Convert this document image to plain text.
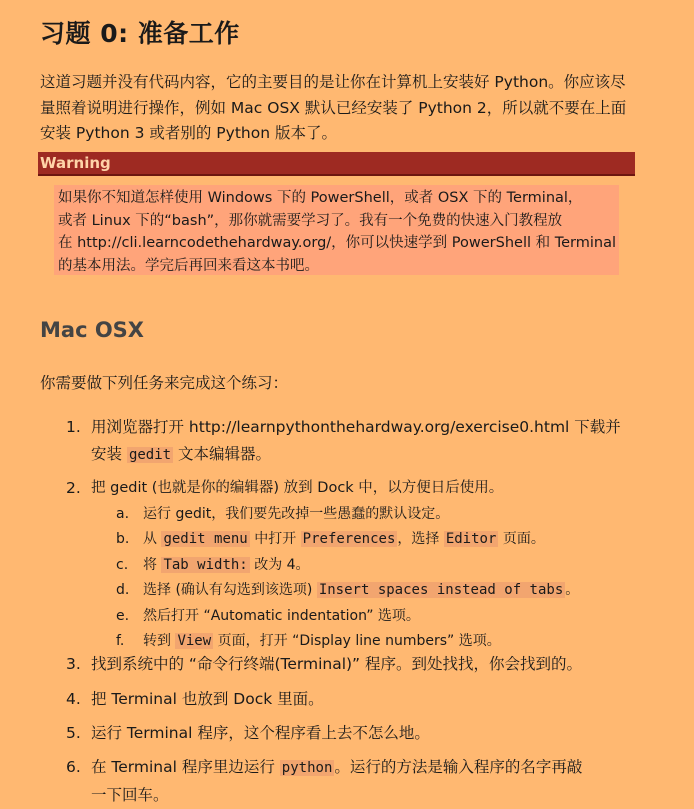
习题 0: 准备工作

这道习题并没有代码内容，它的主要目的是让你在计算机上安装好 Python。你应该尽量照着说明进行操作，例如 Mac OSX 默认已经安装了 Python 2，所以就不要在上面安装 Python 3 或者别的 Python 版本了。

Warning

如果你不知道怎样使用 Windows 下的 PowerShell，或者 OSX 下的 Terminal，

或者 Linux 下的“bash”，那你就需要学习了。我有一个免费的快速入门教程放

在 http://cli.learncodethehardway.org/，你可以快速学到 PowerShell 和 Terminal

的基本用法。学完后再回来看这本书吧。

Mac OSX

你需要做下列任务来完成这个练习：

1. 用浏览器打开 http://learnpythonthehardway.org/exercise0.html 下载并
安装 gedit 文本编辑器。
2. 把 gedit (也就是你的编辑器) 放到 Dock 中，以方便日后使用。
a. 运行 gedit，我们要先改掉一些愚蠢的默认设定。
b. 从 gedit menu 中打开 Preferences ，选择 Editor 页面。
c. 将 Tab width: 改为 4。
d. 选择 (确认有勾选到该选项) Insert spaces instead of tabs 。
e. 然后打开 “Automatic indentation” 选项。
f. 转到 View 页面，打开 “Display line numbers” 选项。
3. 找到系统中的 “命令行终端(Terminal)” 程序。到处找找，你会找到的。
4. 把 Terminal 也放到 Dock 里面。
5. 运行 Terminal 程序，这个程序看上去不怎么地。
6. 在 Terminal 程序里边运行 python 。运行的方法是输入程序的名字再敲
一下回车。
